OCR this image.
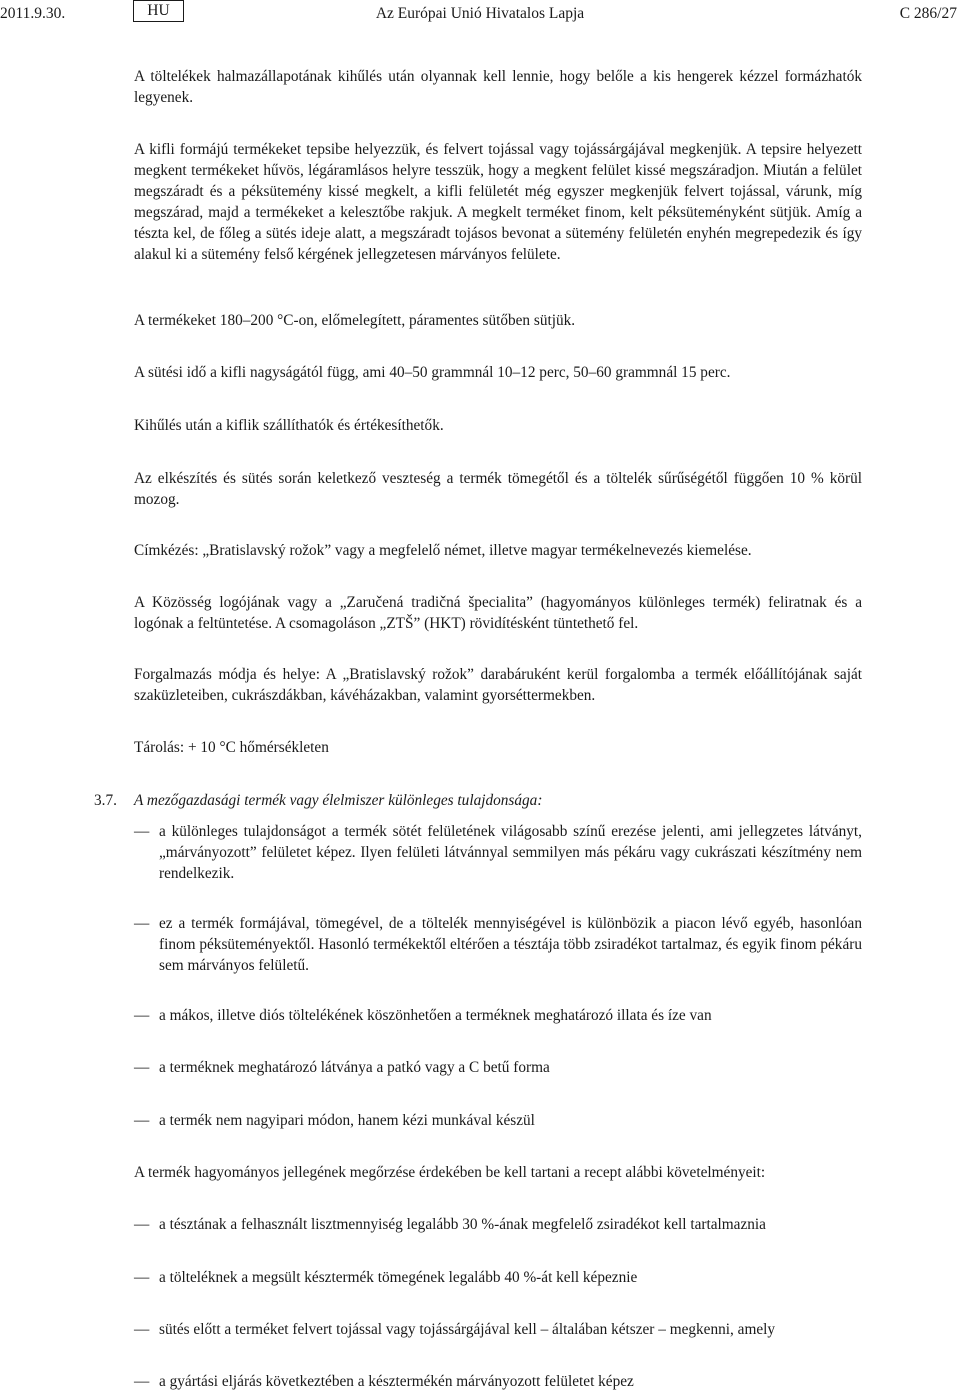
2011.9.30.	HU	Az Európai Unió Hivatalos Lapja	C 286/27
A töltelékek halmazállapotának kihűlés után olyannak kell lennie, hogy belőle a kis hengerek kézzel formázhatók legyenek.
A kifli formájú termékeket tepsibe helyezzük, és felvert tojással vagy tojássárgájával megkenjük. A tepsire helyezett megkent termékeket hűvös, légáramlásos helyre tesszük, hogy a megkent felület kissé megszáradjon. Miután a felület megszáradt és a péksütemény kissé megkelt, a kifli felületét még egyszer megkenjük felvert tojással, várunk, míg megszárad, majd a termékeket a kelesztőbe rakjuk. A megkelt terméket finom, kelt péksüteményként sütjük. Amíg a tészta kel, de főleg a sütés ideje alatt, a megszáradt tojásos bevonat a sütemény felületén enyhén megrepedezik és így alakul ki a sütemény felső kérgének jellegzetesen márványos felülete.
A termékeket 180–200 °C-on, előmelegített, páramentes sütőben sütjük.
A sütési idő a kifli nagyságától függ, ami 40–50 grammnál 10–12 perc, 50–60 grammnál 15 perc.
Kihűlés után a kiflik szállíthatók és értékesíthetők.
Az elkészítés és sütés során keletkező veszteség a termék tömegétől és a töltelék sűrűségétől függően 10 % körül mozog.
Címkézés: „Bratislavský rožok” vagy a megfelelő német, illetve magyar termékelnevezés kiemelése.
A Közösség logójának vagy a „Zaručená tradičná špecialita” (hagyományos különleges termék) feliratnak és a logónak a feltüntetése. A csomagoláson „ZTŠ” (HKT) rövidítésként tüntethető fel.
Forgalmazás módja és helye: A „Bratislavský rožok” darabáruként kerül forgalomba a termék előállítójának saját szaküzleteiben, cukrászdákban, kávéházakban, valamint gyorséttermekben.
Tárolás: + 10 °C hőmérsékleten
3.7. A mezőgazdasági termék vagy élelmiszer különleges tulajdonsága:
— a különleges tulajdonságot a termék sötét felületének világosabb színű erezése jelenti, ami jellegzetes látványt, „márványozott” felületet képez. Ilyen felületi látvánnyal semmilyen más pékáru vagy cukrászati készítmény nem rendelkezik.
— ez a termék formájával, tömegével, de a töltelék mennyiségével is különbözik a piacon lévő egyéb, hasonlóan finom péksüteményektől. Hasonló termékektől eltérően a tésztája több zsiradékot tartalmaz, és egyik finom pékáru sem márványos felületű.
— a mákos, illetve diós töltelékének köszönhetően a terméknek meghatározó illata és íze van
— a terméknek meghatározó látványa a patkó vagy a C betű forma
— a termék nem nagyipari módon, hanem kézi munkával készül
A termék hagyományos jellegének megőrzése érdekében be kell tartani a recept alábbi követelményeit:
— a tésztának a felhasznált lisztmennyiség legalább 30 %-ának megfelelő zsiradékot kell tartalmaznia
— a tölteléknek a megsült késztermék tömegének legalább 40 %-át kell képeznie
— sütés előtt a terméket felvert tojással vagy tojássárgájával kell – általában kétszer – megkenni, amely
— a gyártási eljárás következtében a késztermékén márványozott felületet képez
